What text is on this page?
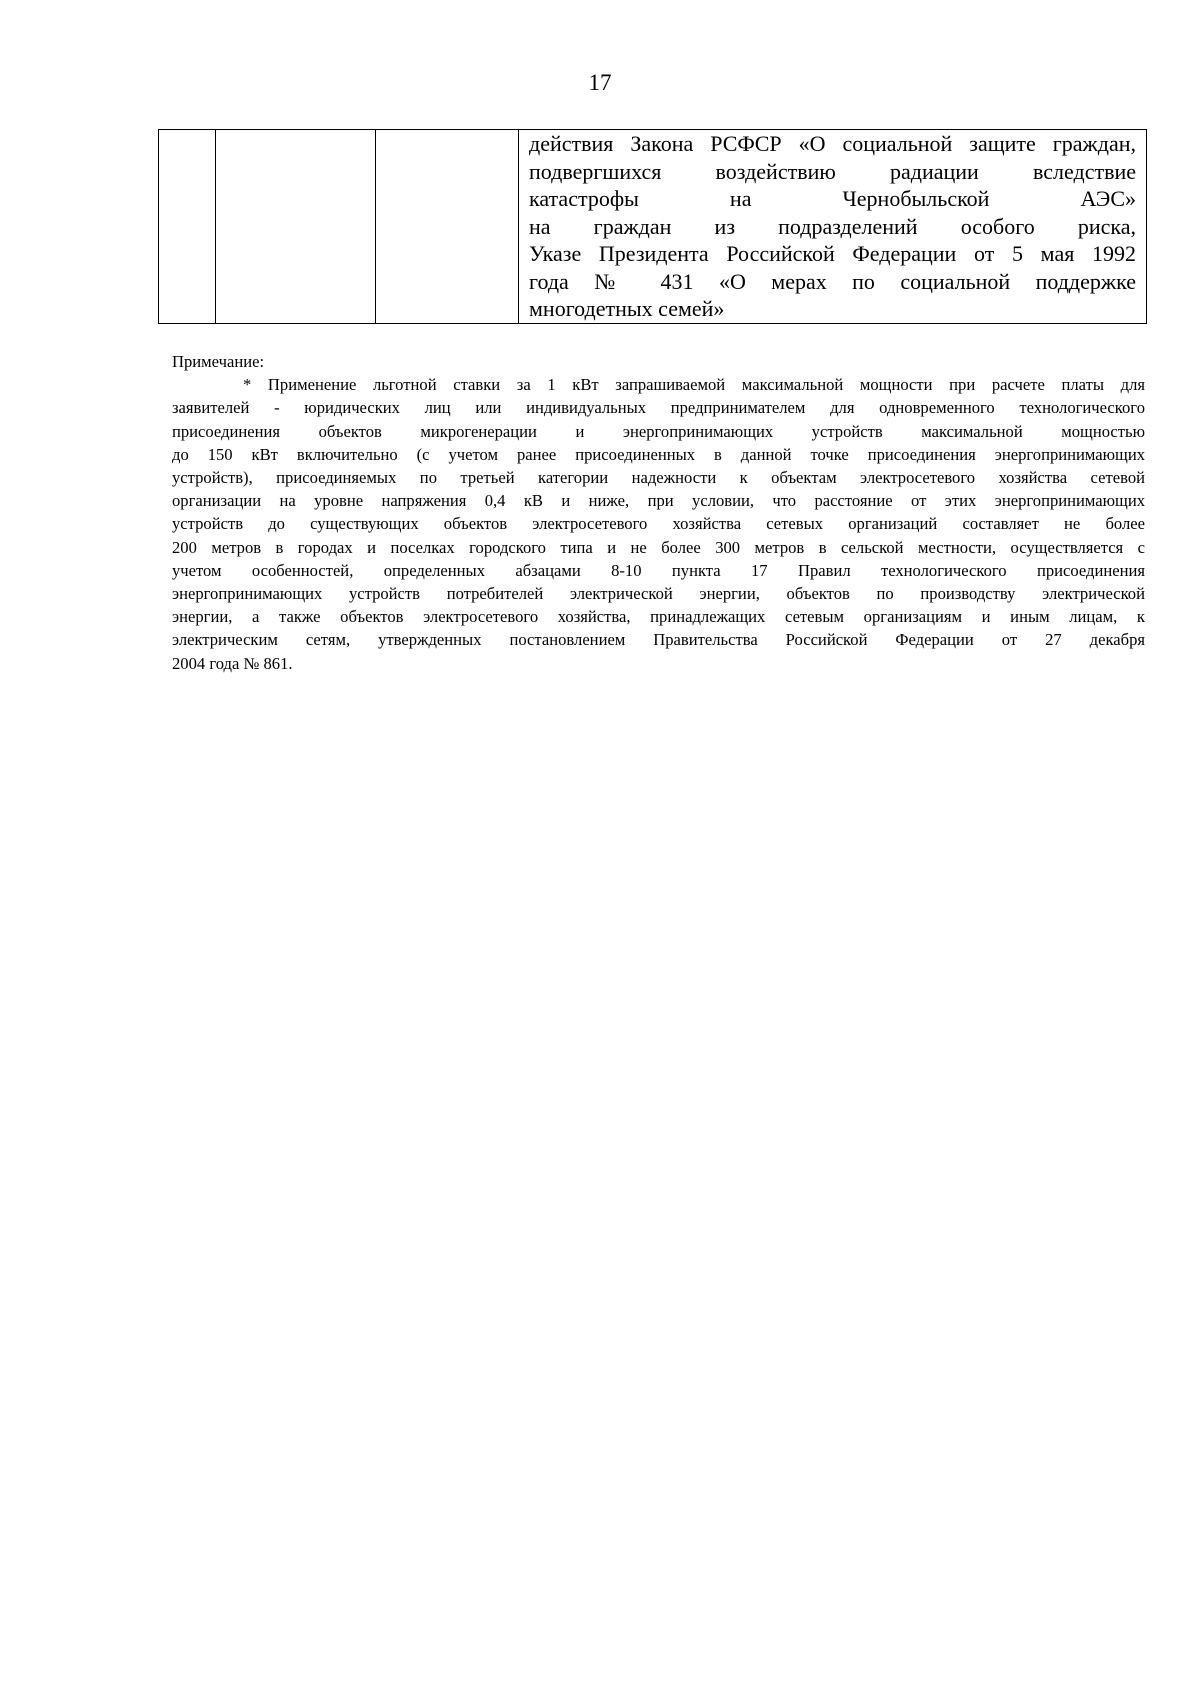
17

действия Закона РСФСР «О социальной защите граждан,
подвергшихся воздействию радиации вследствие
катастрофы на Чернобыльской АЭС»
на граждан из подразделений особого риска,
Указе Президента Российской Федерации от 5 мая 1992
года № 431 «О мерах по социальной поддержке
многодетных семей»
Примечание:
* Применение льготной ставки за 1 кВт запрашиваемой максимальной мощности при расчете платы для
заявителей - юридических лиц или индивидуальных предпринимателем для одновременного технологического
присоединения объектов микрогенерации и энергопринимающих устройств максимальной мощностью
до 150 кВт включительно (с учетом ранее присоединенных в данной точке присоединения энергопринимающих
устройств), присоединяемых по третьей категории надежности к объектам электросетевого хозяйства сетевой
организации на уровне напряжения 0,4 кВ и ниже, при условии, что расстояние от этих энергопринимающих
устройств до существующих объектов электросетевого хозяйства сетевых организаций составляет не более
200 метров в городах и поселках городского типа и не более 300 метров в сельской местности, осуществляется с
учетом особенностей, определенных абзацами 8-10 пункта 17 Правил технологического присоединения
энергопринимающих устройств потребителей электрической энергии, объектов по производству электрической
энергии, а также объектов электросетевого хозяйства, принадлежащих сетевым организациям и иным лицам, к
электрическим сетям, утвержденных постановлением Правительства Российской Федерации от 27 декабря
2004 года № 861.
